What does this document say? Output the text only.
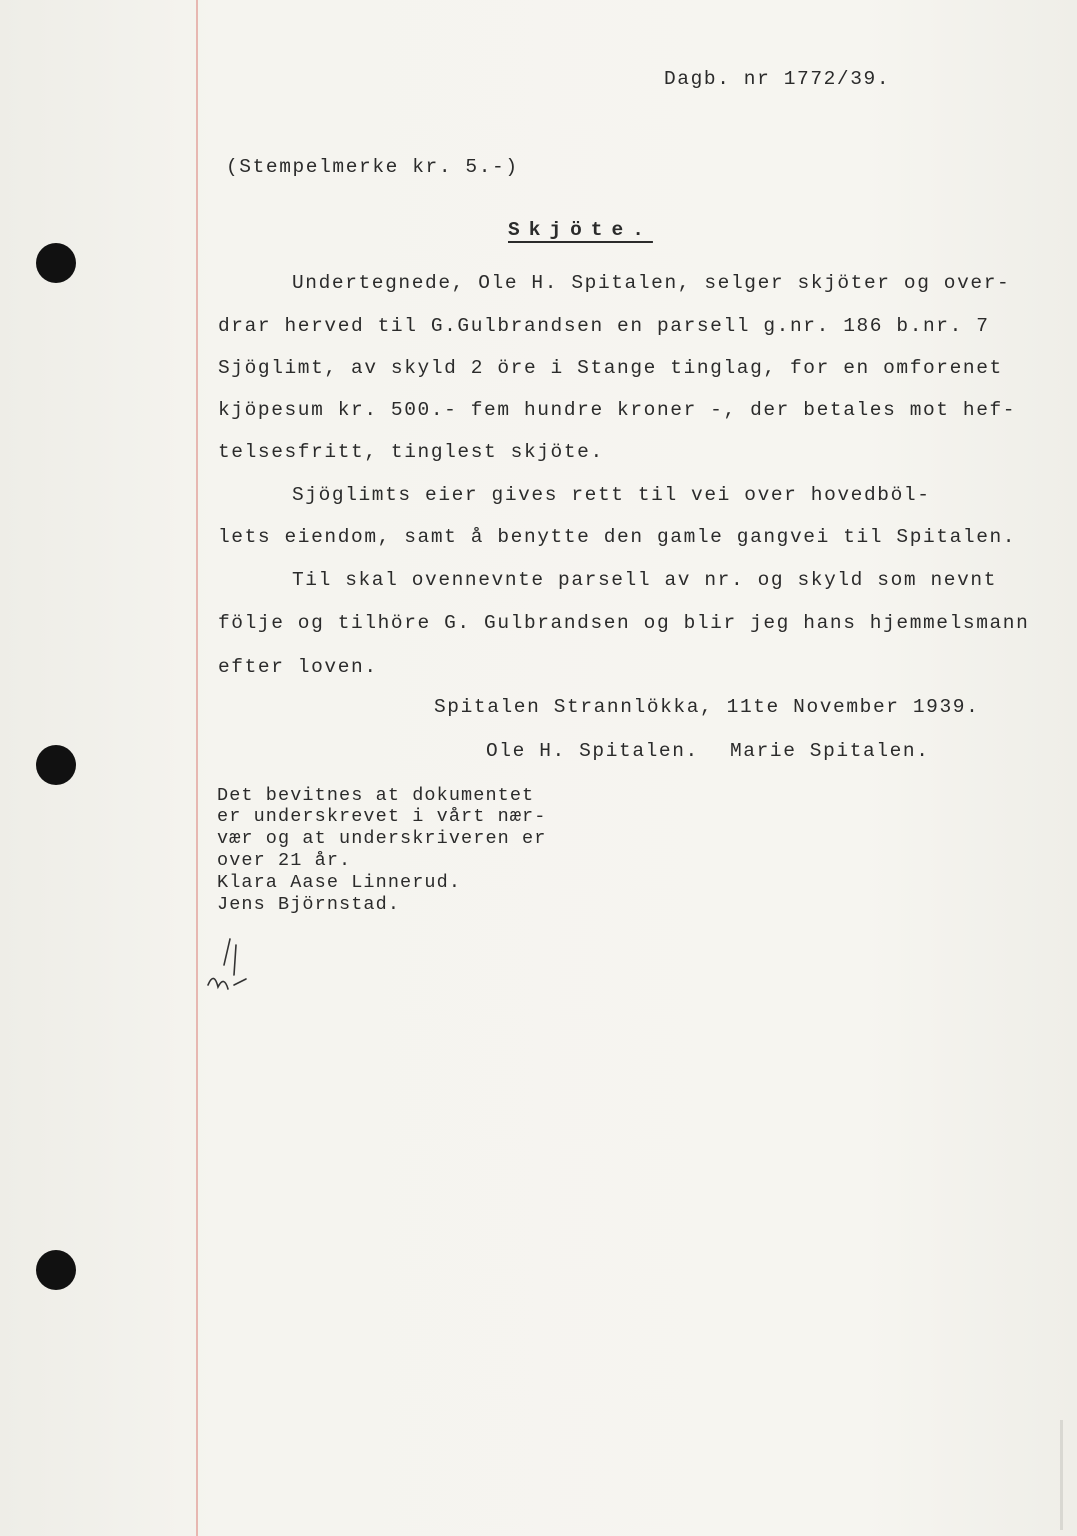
Dagb. nr 1772/39.
(Stempelmerke kr. 5.-)
Skjöte.
Undertegnede, Ole H. Spitalen, selger skjöter og over-
drar herved til G.Gulbrandsen en parsell g.nr. 186 b.nr. 7
Sjöglimt, av skyld 2 öre i Stange tinglag, for en omforenet
kjöpesum kr. 500.- fem hundre kroner -, der betales mot hef-
telsesfritt, tinglest skjöte.
Sjöglimts eier gives rett til vei over hovedböl-
lets eiendom, samt å benytte den gamle gangvei til Spitalen.
Til skal ovennevnte parsell av nr. og skyld som nevnt
följe og tilhöre G. Gulbrandsen og blir jeg hans hjemmelsmann
efter loven.
Spitalen Strannlökka, 11te November 1939.
Ole H. Spitalen. Marie Spitalen.
Det bevitnes at dokumentet
er underskrevet i vårt nær-
vær og at underskriveren er
over 21 år.
Klara Aase Linnerud.
Jens Björnstad.
